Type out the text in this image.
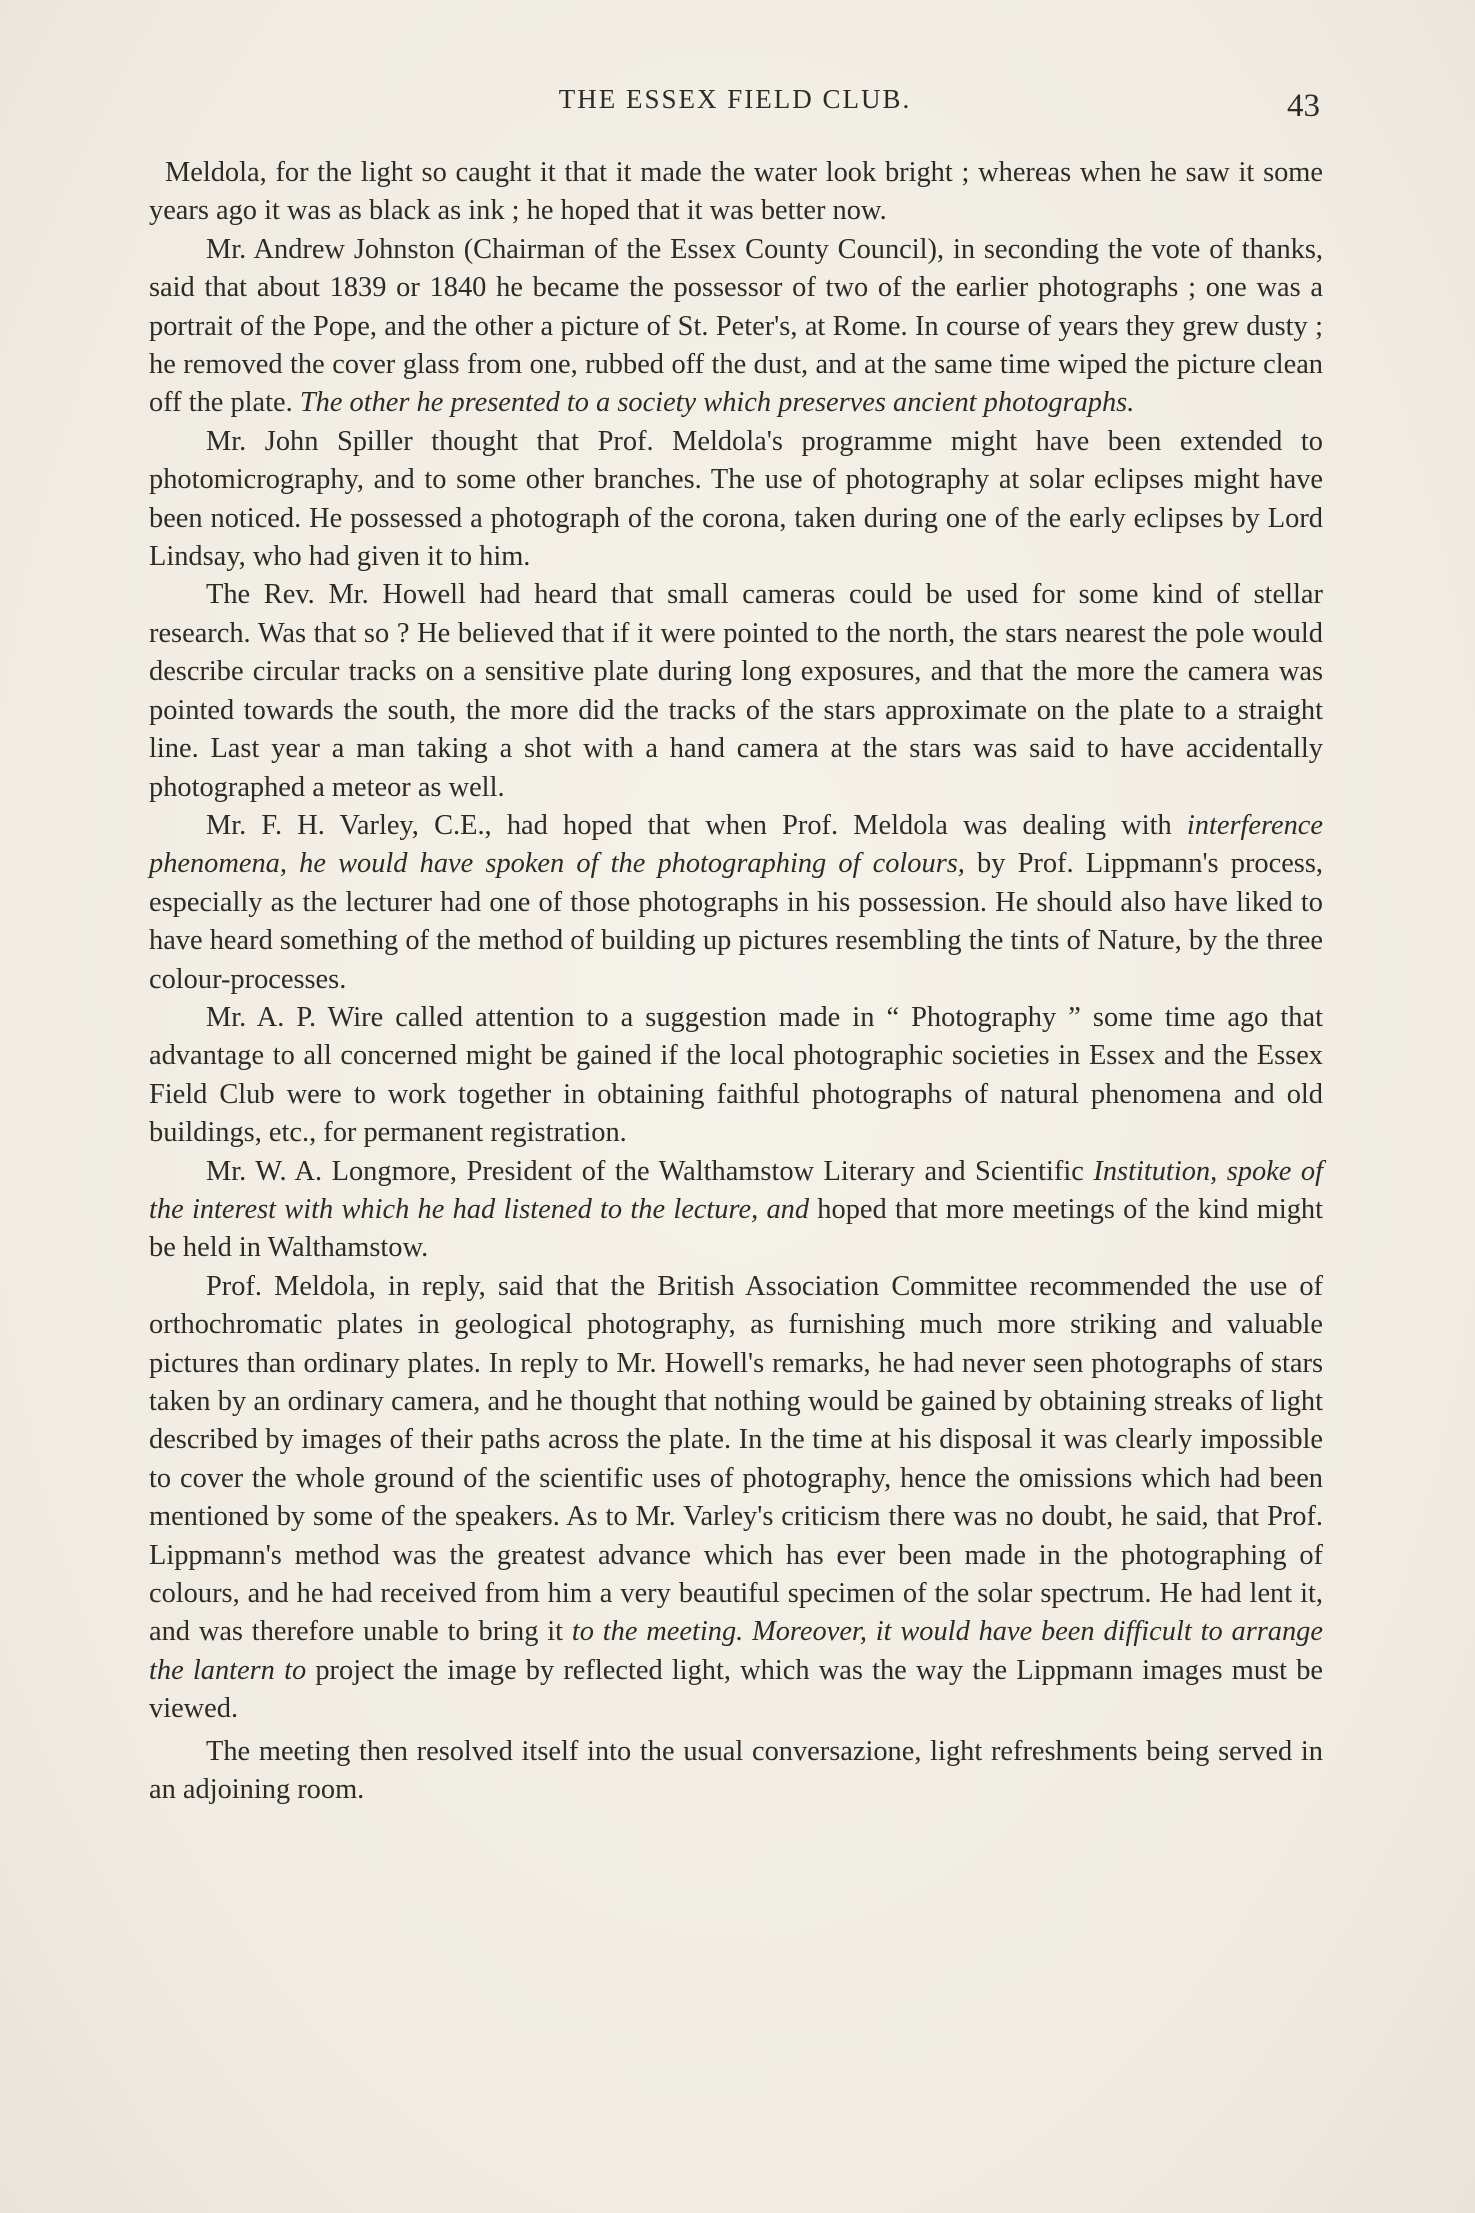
THE ESSEX FIELD CLUB.	43

Meldola, for the light so caught it that it made the water look bright ; whereas when he saw it some years ago it was as black as ink ; he hoped that it was better now.

Mr. Andrew Johnston (Chairman of the Essex County Council), in seconding the vote of thanks, said that about 1839 or 1840 he became the possessor of two of the earlier photographs ; one was a portrait of the Pope, and the other a picture of St. Peter's, at Rome. In course of years they grew dusty ; he removed the cover glass from one, rubbed off the dust, and at the same time wiped the picture clean off the plate. The other he presented to a society which preserves ancient photographs.

Mr. John Spiller thought that Prof. Meldola's programme might have been extended to photomicrography, and to some other branches. The use of photography at solar eclipses might have been noticed. He possessed a photograph of the corona, taken during one of the early eclipses by Lord Lindsay, who had given it to him.

The Rev. Mr. Howell had heard that small cameras could be used for some kind of stellar research. Was that so ? He believed that if it were pointed to the north, the stars nearest the pole would describe circular tracks on a sensitive plate during long exposures, and that the more the camera was pointed towards the south, the more did the tracks of the stars approximate on the plate to a straight line. Last year a man taking a shot with a hand camera at the stars was said to have accidentally photographed a meteor as well.

Mr. F. H. Varley, C.E., had hoped that when Prof. Meldola was dealing with interference phenomena, he would have spoken of the photographing of colours, by Prof. Lippmann's process, especially as the lecturer had one of those photographs in his possession. He should also have liked to have heard something of the method of building up pictures resembling the tints of Nature, by the three colour-processes.

Mr. A. P. Wire called attention to a suggestion made in “ Photography ” some time ago that advantage to all concerned might be gained if the local photographic societies in Essex and the Essex Field Club were to work together in obtaining faithful photographs of natural phenomena and old buildings, etc., for permanent registration.

Mr. W. A. Longmore, President of the Walthamstow Literary and Scientific Institution, spoke of the interest with which he had listened to the lecture, and hoped that more meetings of the kind might be held in Walthamstow.

Prof. Meldola, in reply, said that the British Association Committee recommended the use of orthochromatic plates in geological photography, as furnishing much more striking and valuable pictures than ordinary plates. In reply to Mr. Howell's remarks, he had never seen photographs of stars taken by an ordinary camera, and he thought that nothing would be gained by obtaining streaks of light described by images of their paths across the plate. In the time at his disposal it was clearly impossible to cover the whole ground of the scientific uses of photography, hence the omissions which had been mentioned by some of the speakers. As to Mr. Varley's criticism there was no doubt, he said, that Prof. Lippmann's method was the greatest advance which has ever been made in the photographing of colours, and he had received from him a very beautiful specimen of the solar spectrum. He had lent it, and was therefore unable to bring it to the meeting. Moreover, it would have been difficult to arrange the lantern to project the image by reflected light, which was the way the Lippmann images must be viewed.

The meeting then resolved itself into the usual conversazione, light refreshments being served in an adjoining room.
